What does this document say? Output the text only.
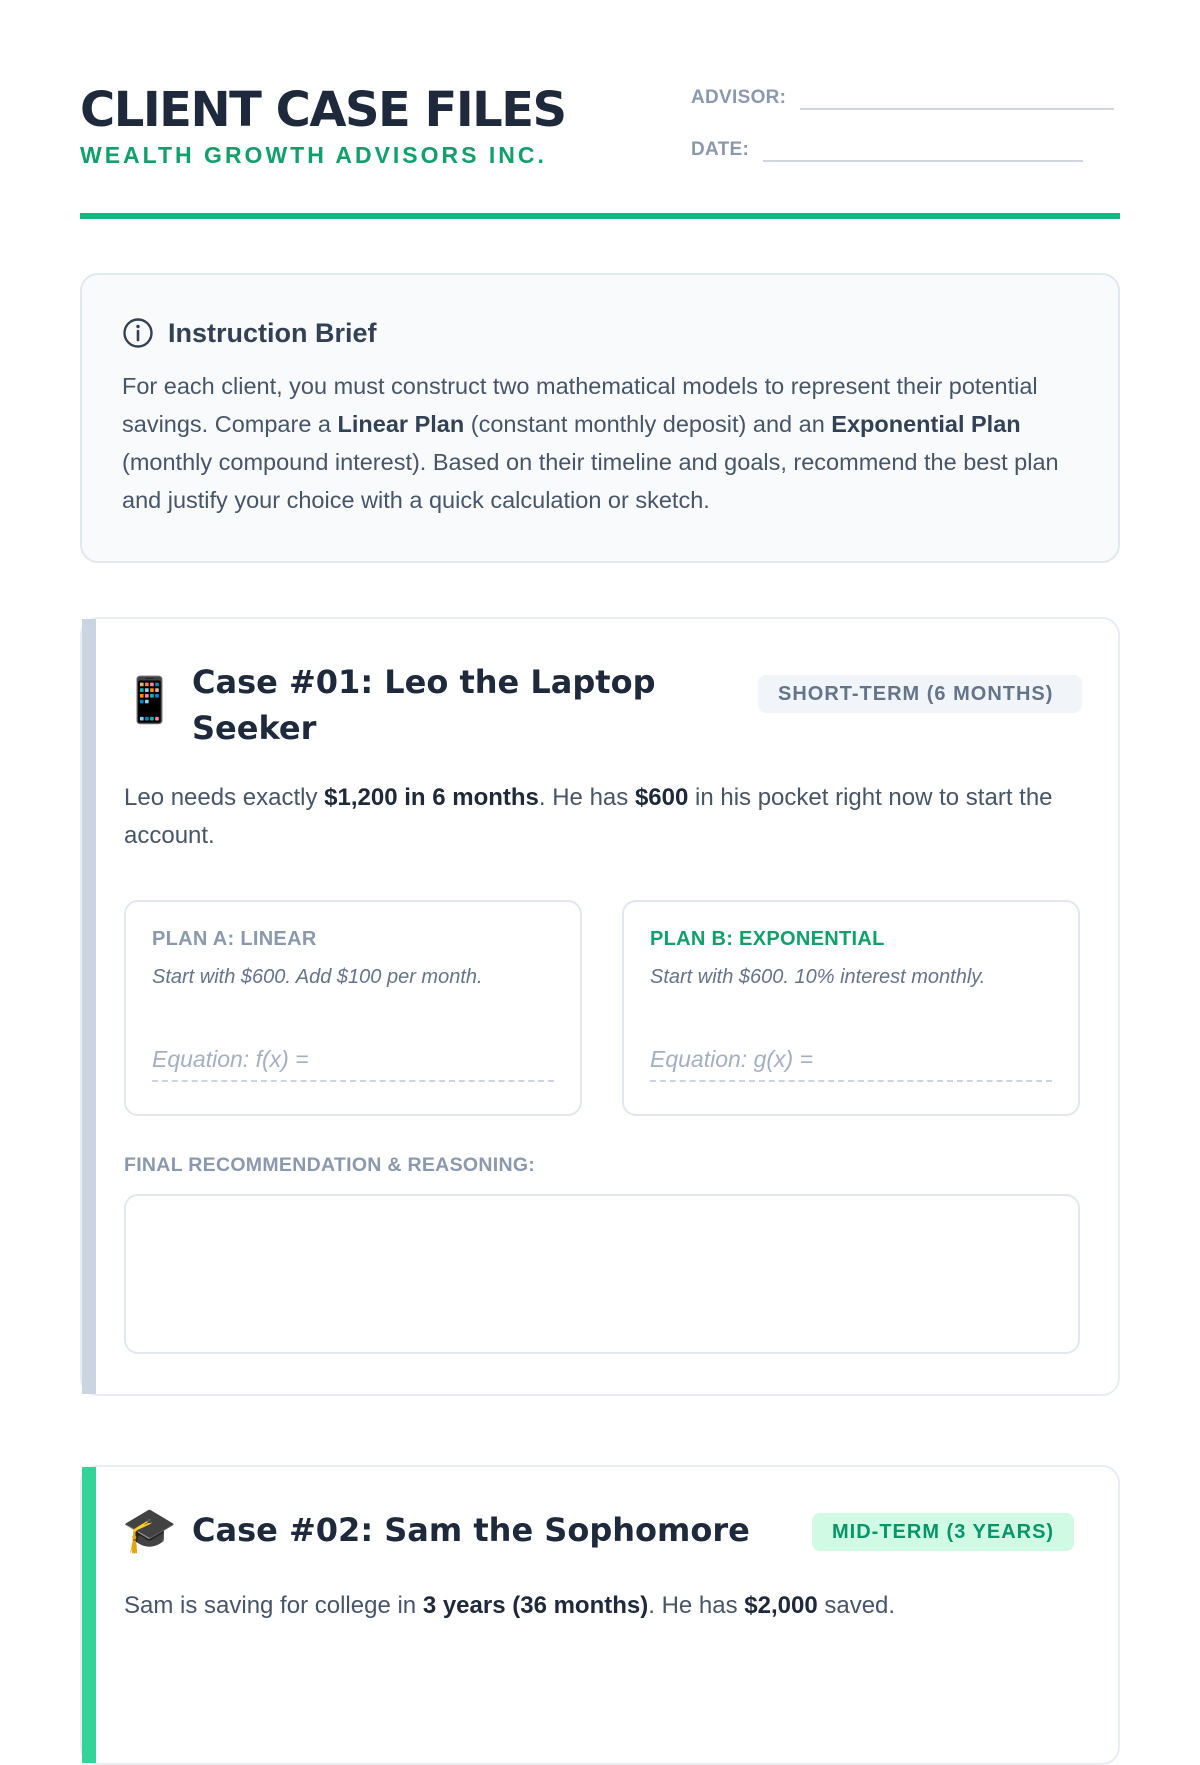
CLIENT CASE FILES
WEALTH GROWTH ADVISORS INC.
ADVISOR:
DATE:
Instruction Brief
For each client, you must construct two mathematical models to represent their potential savings. Compare a Linear Plan (constant monthly deposit) and an Exponential Plan (monthly compound interest). Based on their timeline and goals, recommend the best plan and justify your choice with a quick calculation or sketch.
📱 Case #01: Leo the Laptop Seeker
SHORT-TERM (6 MONTHS)
Leo needs exactly $1,200 in 6 months. He has $600 in his pocket right now to start the account.
PLAN A: LINEAR
Start with $600. Add $100 per month.
Equation: f(x) =
PLAN B: EXPONENTIAL
Start with $600. 10% interest monthly.
Equation: g(x) =
FINAL RECOMMENDATION & REASONING:
🎓 Case #02: Sam the Sophomore	MID-TERM (3 YEARS)
Sam is saving for college in 3 years (36 months). He has $2,000 saved.
